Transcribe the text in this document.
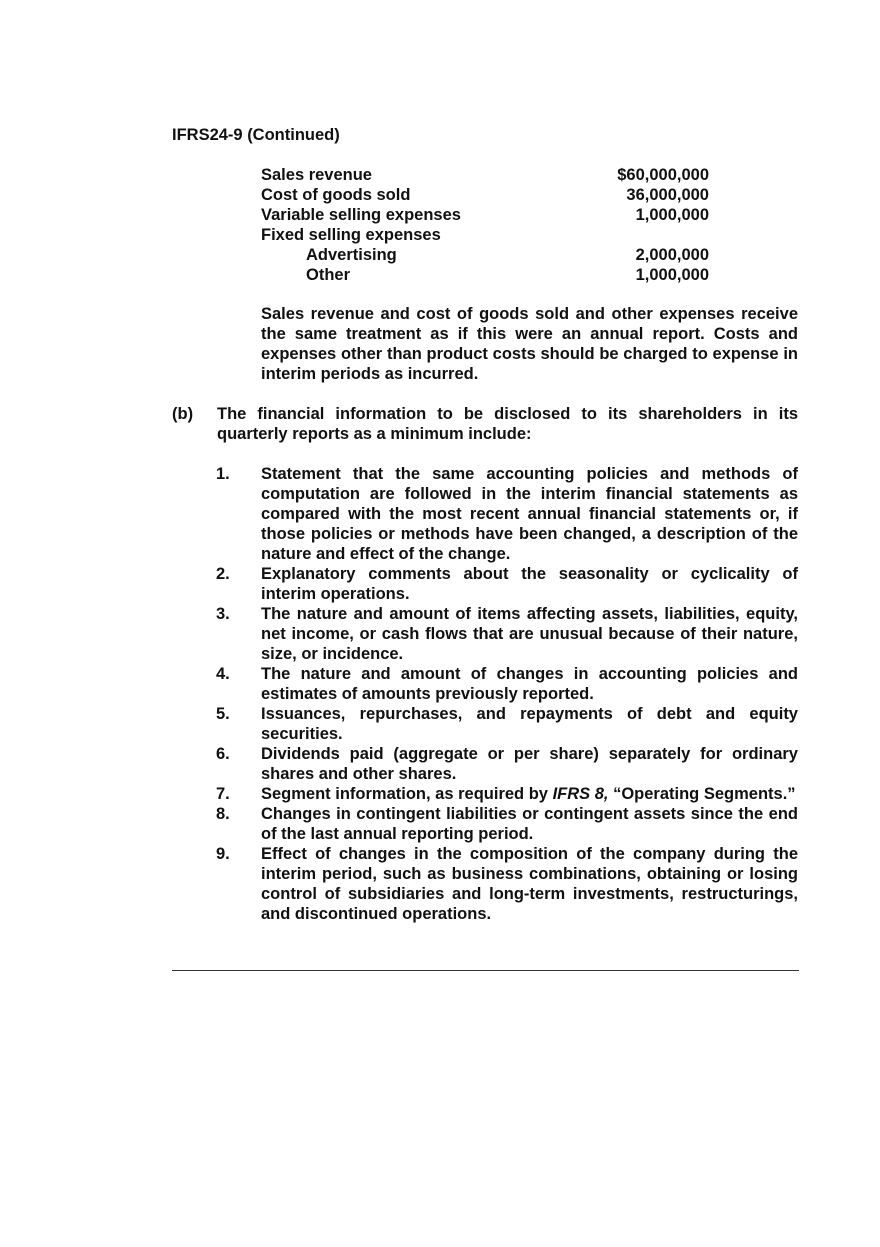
IFRS24-9 (Continued)
Sales revenue	$60,000,000
Cost of goods sold	36,000,000
Variable selling expenses	1,000,000
Fixed selling expenses
Advertising	2,000,000
Other	1,000,000
Sales revenue and cost of goods sold and other expenses receive the same treatment as if this were an annual report. Costs and expenses other than product costs should be charged to expense in interim periods as incurred.
(b) The financial information to be disclosed to its shareholders in its quarterly reports as a minimum include:
1. Statement that the same accounting policies and methods of computation are followed in the interim financial statements as compared with the most recent annual financial statements or, if those policies or methods have been changed, a description of the nature and effect of the change.
2. Explanatory comments about the seasonality or cyclicality of interim operations.
3. The nature and amount of items affecting assets, liabilities, equity, net income, or cash flows that are unusual because of their nature, size, or incidence.
4. The nature and amount of changes in accounting policies and estimates of amounts previously reported.
5. Issuances, repurchases, and repayments of debt and equity securities.
6. Dividends paid (aggregate or per share) separately for ordinary shares and other shares.
7. Segment information, as required by IFRS 8, “Operating Segments.”
8. Changes in contingent liabilities or contingent assets since the end of the last annual reporting period.
9. Effect of changes in the composition of the company during the interim period, such as business combinations, obtaining or losing control of subsidiaries and long-term investments, restructurings, and discontinued operations.
